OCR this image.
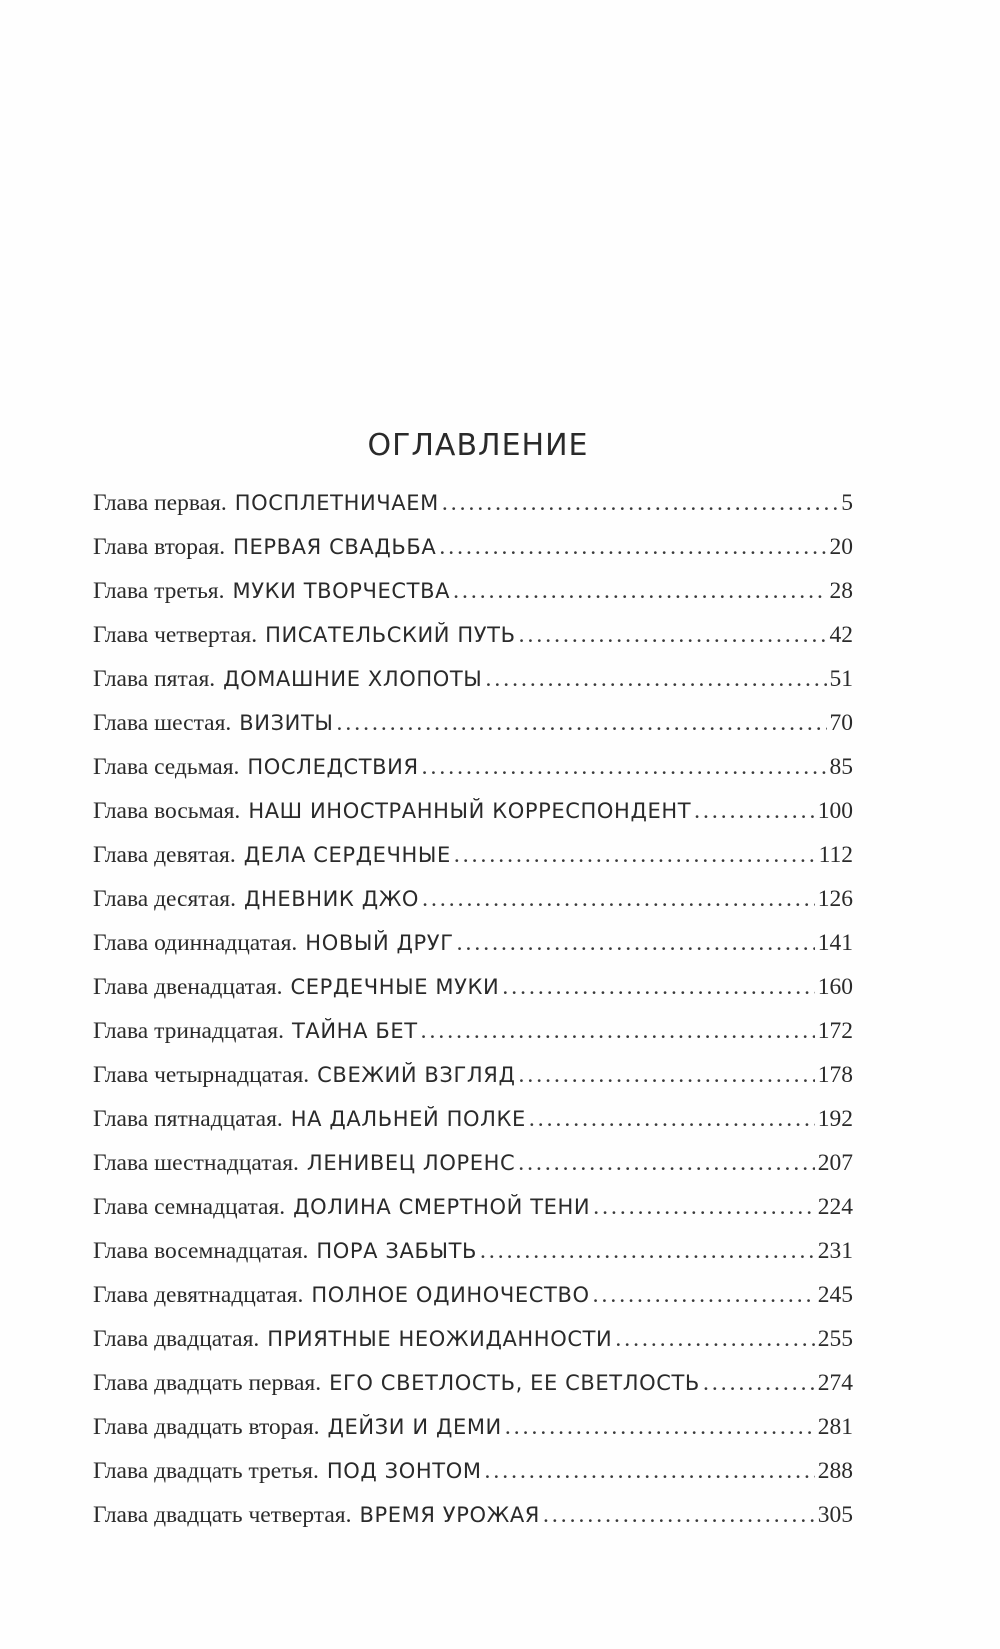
ОГЛАВЛЕНИЕ
Глава первая. ПОСПЛЕТНИЧАЕМ .....	5
Глава вторая. ПЕРВАЯ СВАДЬБА .....	20
Глава третья. МУКИ ТВОРЧЕСТВА .....	28
Глава четвертая. ПИСАТЕЛЬСКИЙ ПУТЬ .....	42
Глава пятая. ДОМАШНИЕ ХЛОПОТЫ .....	51
Глава шестая. ВИЗИТЫ .....	70
Глава седьмая. ПОСЛЕДСТВИЯ .....	85
Глава восьмая. НАШ ИНОСТРАННЫЙ КОРРЕСПОНДЕНТ .....	100
Глава девятая. ДЕЛА СЕРДЕЧНЫЕ .....	112
Глава десятая. ДНЕВНИК ДЖО .....	126
Глава одиннадцатая. НОВЫЙ ДРУГ .....	141
Глава двенадцатая. СЕРДЕЧНЫЕ МУКИ .....	160
Глава тринадцатая. ТАЙНА БЕТ .....	172
Глава четырнадцатая. СВЕЖИЙ ВЗГЛЯД .....	178
Глава пятнадцатая. НА ДАЛЬНЕЙ ПОЛКЕ .....	192
Глава шестнадцатая. ЛЕНИВЕЦ ЛОРЕНС .....	207
Глава семнадцатая. ДОЛИНА СМЕРТНОЙ ТЕНИ .....	224
Глава восемнадцатая. ПОРА ЗАБЫТЬ .....	231
Глава девятнадцатая. ПОЛНОЕ ОДИНОЧЕСТВО .....	245
Глава двадцатая. ПРИЯТНЫЕ НЕОЖИДАННОСТИ .....	255
Глава двадцать первая. ЕГО СВЕТЛОСТЬ, ЕЕ СВЕТЛОСТЬ .....	274
Глава двадцать вторая. ДЕЙЗИ И ДЕМИ .....	281
Глава двадцать третья. ПОД ЗОНТОМ .....	288
Глава двадцать четвертая. ВРЕМЯ УРОЖАЯ .....	305
